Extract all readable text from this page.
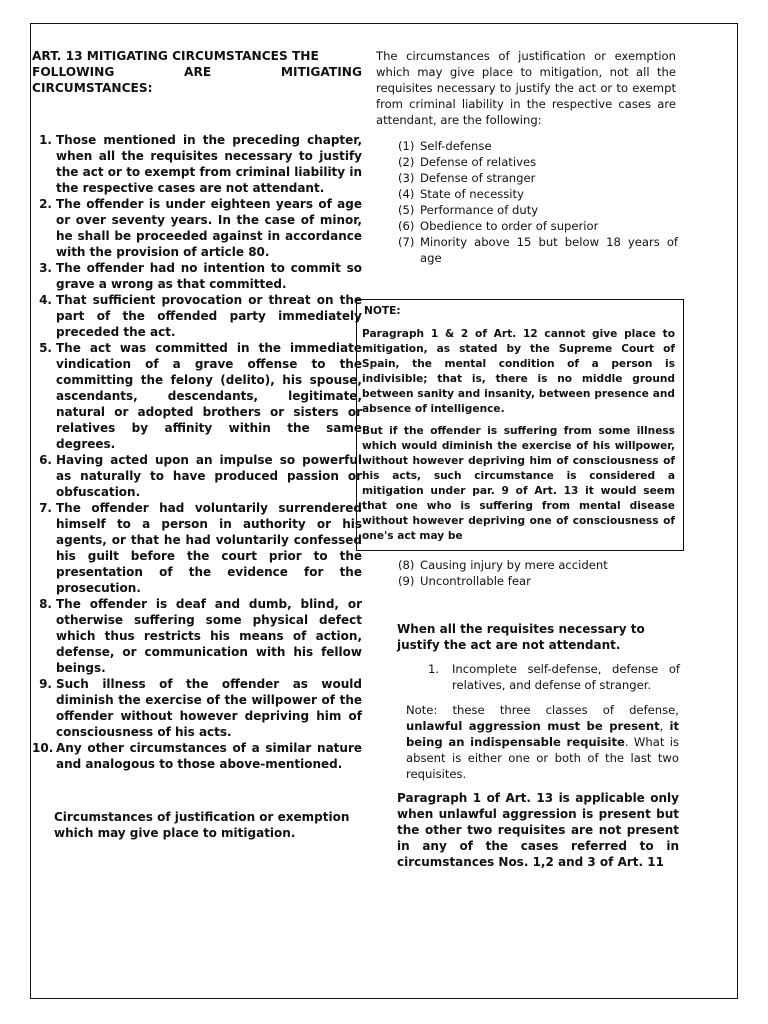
ART. 13 MITIGATING CIRCUMSTANCES THE
FOLLOWING	ARE	MITIGATING
CIRCUMSTANCES:
1. Those mentioned in the preceding chapter, when all the requisites necessary to justify the act or to exempt from criminal liability in the respective cases are not attendant.
2. The offender is under eighteen years of age or over seventy years. In the case of minor, he shall be proceeded against in accordance with the provision of article 80.
3. The offender had no intention to commit so grave a wrong as that committed.
4. That sufficient provocation or threat on the part of the offended party immediately preceded the act.
5. The act was committed in the immediate vindication of a grave offense to the committing the felony (delito), his spouse, ascendants, descendants, legitimate, natural or adopted brothers or sisters or relatives by affinity within the same degrees.
6. Having acted upon an impulse so powerful as naturally to have produced passion or obfuscation.
7. The offender had voluntarily surrendered himself to a person in authority or his agents, or that he had voluntarily confessed his guilt before the court prior to the presentation of the evidence for the prosecution.
8. The offender is deaf and dumb, blind, or otherwise suffering some physical defect which thus restricts his means of action, defense, or communication with his fellow beings.
9. Such illness of the offender as would diminish the exercise of the willpower of the offender without however depriving him of consciousness of his acts.
10. Any other circumstances of a similar nature and analogous to those above-mentioned.
Circumstances of justification or exemption which may give place to mitigation.
The circumstances of justification or exemption which may give place to mitigation, not all the requisites necessary to justify the act or to exempt from criminal liability in the respective cases are attendant, are the following:
(1) Self-defense
(2) Defense of relatives
(3) Defense of stranger
(4) State of necessity
(5) Performance of duty
(6) Obedience to order of superior
(7) Minority above 15 but below 18 years of age

NOTE:

Paragraph 1 & 2 of Art. 12 cannot give place to mitigation, as stated by the Supreme Court of Spain, the mental condition of a person is indivisible; that is, there is no middle ground between sanity and insanity, between presence and absence of intelligence.

But if the offender is suffering from some illness which would diminish the exercise of his willpower, without however depriving him of consciousness of his acts, such circumstance is considered a mitigation under par. 9 of Art. 13 it would seem that one who is suffering from mental disease without however depriving one of consciousness of one's act may be

(8) Causing injury by mere accident
(9) Uncontrollable fear
When all the requisites necessary to justify the act are not attendant.
1.	Incomplete self-defense, defense of relatives, and defense of stranger.
Note: these three classes of defense, unlawful aggression must be present, it being an indispensable requisite. What is absent is either one or both of the last two requisites.
Paragraph 1 of Art. 13 is applicable only when unlawful aggression is present but the other two requisites are not present in any of the cases referred to in circumstances Nos. 1,2 and 3 of Art. 11
